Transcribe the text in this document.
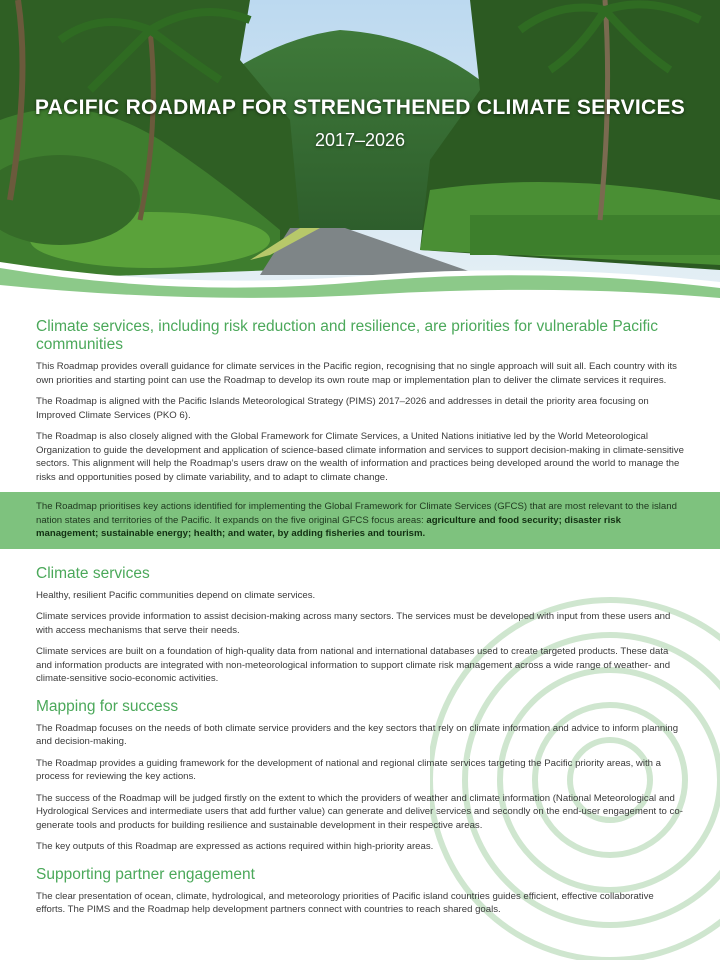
PACIFIC ROADMAP FOR STRENGTHENED CLIMATE SERVICES
2017–2026
Climate services, including risk reduction and resilience, are priorities for vulnerable Pacific communities

This Roadmap provides overall guidance for climate services in the Pacific region, recognising that no single approach will suit all. Each country with its own priorities and starting point can use the Roadmap to develop its own route map or implementation plan to deliver the climate services it requires.

The Roadmap is aligned with the Pacific Islands Meteorological Strategy (PIMS) 2017–2026 and addresses in detail the priority area focusing on Improved Climate Services (PKO 6).

The Roadmap is also closely aligned with the Global Framework for Climate Services, a United Nations initiative led by the World Meteorological Organization to guide the development and application of science-based climate information and services to support decision-making in climate-sensitive sectors. This alignment will help the Roadmap’s users draw on the wealth of information and practices being developed around the world to manage the risks and opportunities posed by climate variability, and to adapt to climate change.

The Roadmap prioritises key actions identified for implementing the Global Framework for Climate Services (GFCS) that are most relevant to the island nation states and territories of the Pacific. It expands on the five original GFCS focus areas: agriculture and food security; disaster risk management; sustainable energy; health; and water, by adding fisheries and tourism.

Climate services

Healthy, resilient Pacific communities depend on climate services.

Climate services provide information to assist decision-making across many sectors. The services must be developed with input from these users and with access mechanisms that serve their needs.

Climate services are built on a foundation of high-quality data from national and international databases used to create targeted products. These data and information products are integrated with non-meteorological information to support climate risk management across a wide range of weather- and climate-sensitive socio-economic activities.

Mapping for success

The Roadmap focuses on the needs of both climate service providers and the key sectors that rely on climate information and advice to inform planning and decision-making.

The Roadmap provides a guiding framework for the development of national and regional climate services targeting the Pacific priority areas, with a process for reviewing the key actions.

The success of the Roadmap will be judged firstly on the extent to which the providers of weather and climate information (National Meteorological and Hydrological Services and intermediate users that add further value) can generate and deliver services and secondly on the end-user engagement to co-generate tools and products for building resilience and sustainable development in their respective areas.

The key outputs of this Roadmap are expressed as actions required within high-priority areas.

Supporting partner engagement

The clear presentation of ocean, climate, hydrological, and meteorology priorities of Pacific island countries guides efficient, effective collaborative efforts. The PIMS and the Roadmap help development partners connect with countries to reach shared goals.
